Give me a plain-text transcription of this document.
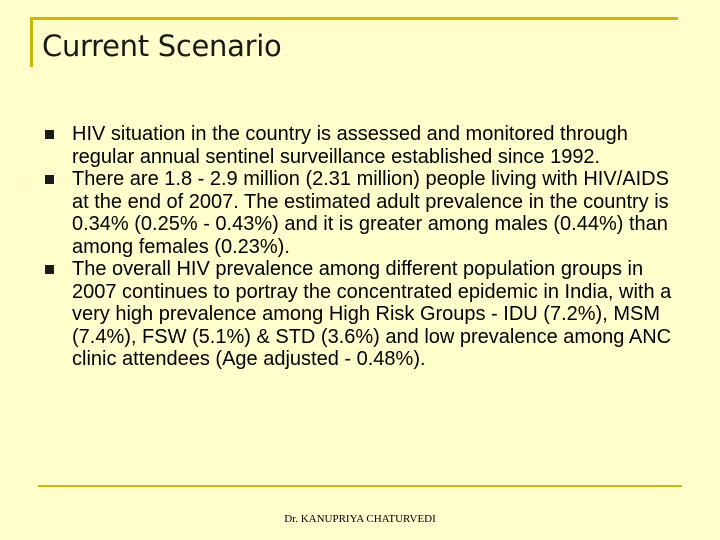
Current Scenario
HIV situation in the country is assessed and monitored through regular annual sentinel surveillance established since 1992.
There are 1.8 - 2.9 million (2.31 million) people living with HIV/AIDS at the end of 2007. The estimated adult prevalence in the country is 0.34% (0.25% - 0.43%) and it is greater among males (0.44%) than among females (0.23%).
The overall HIV prevalence among different population groups in 2007 continues to portray the concentrated epidemic in India, with a very high prevalence among High Risk Groups - IDU (7.2%), MSM (7.4%), FSW (5.1%) & STD (3.6%) and low prevalence among ANC clinic attendees (Age adjusted - 0.48%).
Dr. KANUPRIYA CHATURVEDI
